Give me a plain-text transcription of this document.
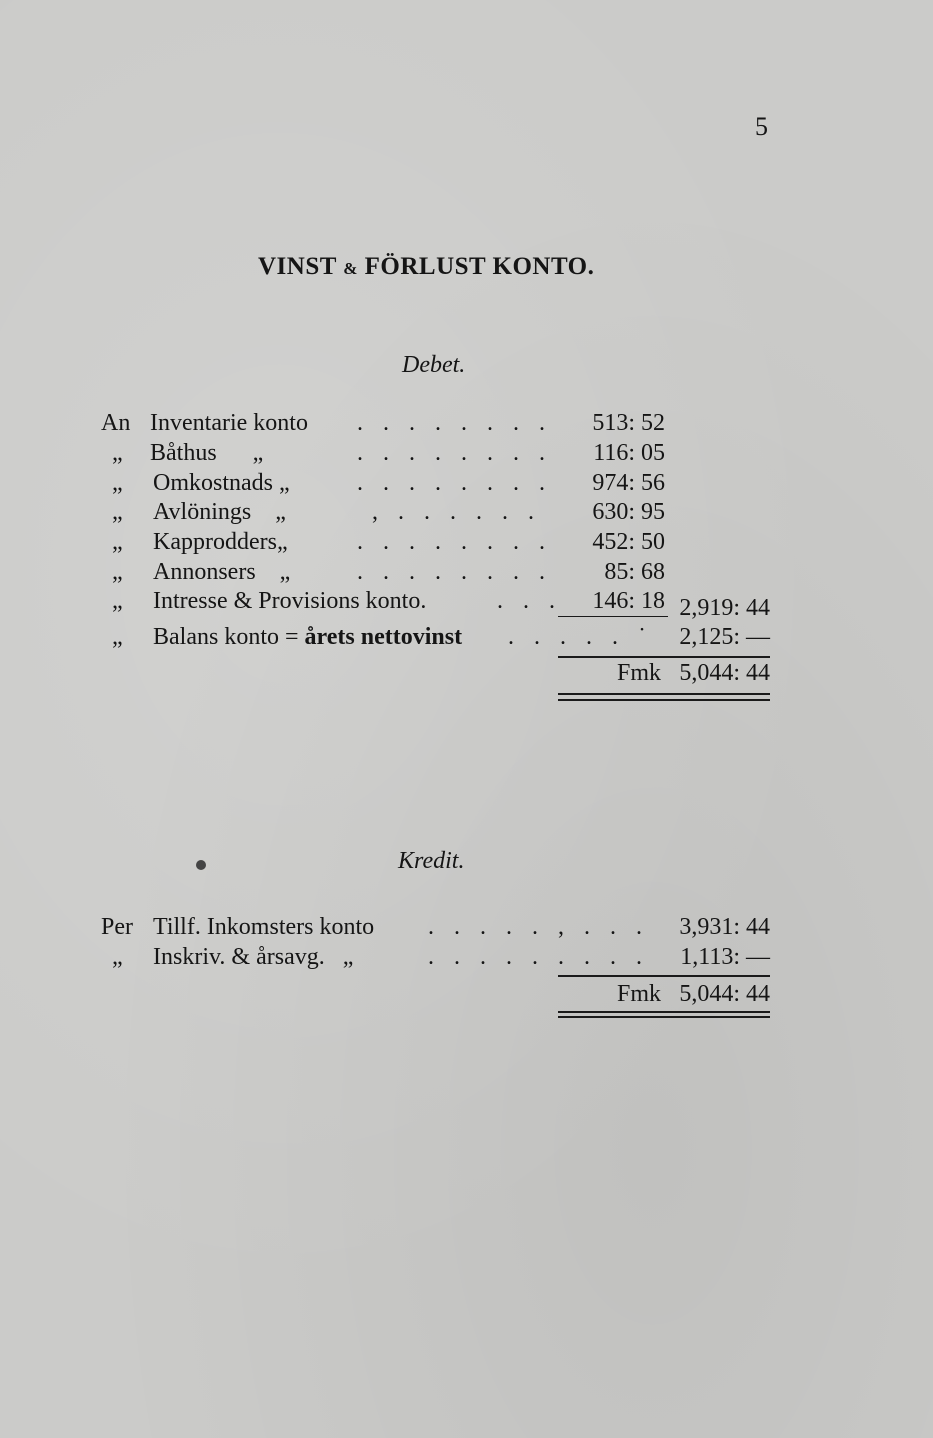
5
VINST & FÖRLUST KONTO.
Debet.
An Inventarie konto . . . . . . . . 513: 52
„ Båthus      „	. . . . . . . . 116: 05
„ Omkostnads „	. . . . . . . . 974: 56
„ Avlönings    „	, . . . . . . 630: 95
„ Kapprodders„	. . . . . . . . 452: 50
„ Annonsers    „	. . . . . . . . 85: 68
„ Intresse & Provisions konto.	. . . 146: 18 2,919: 44
„ Balans konto = årets nettovinst . . . . . ˙ 2,125: —
Fmk 5,044: 44
Kredit.
Per Tillf. Inkomsters konto . . . . . , . . . 3,931: 44
„ Inskriv. & årsavg.   „	. . . . . . . . . 1,113: —
Fmk 5,044: 44
